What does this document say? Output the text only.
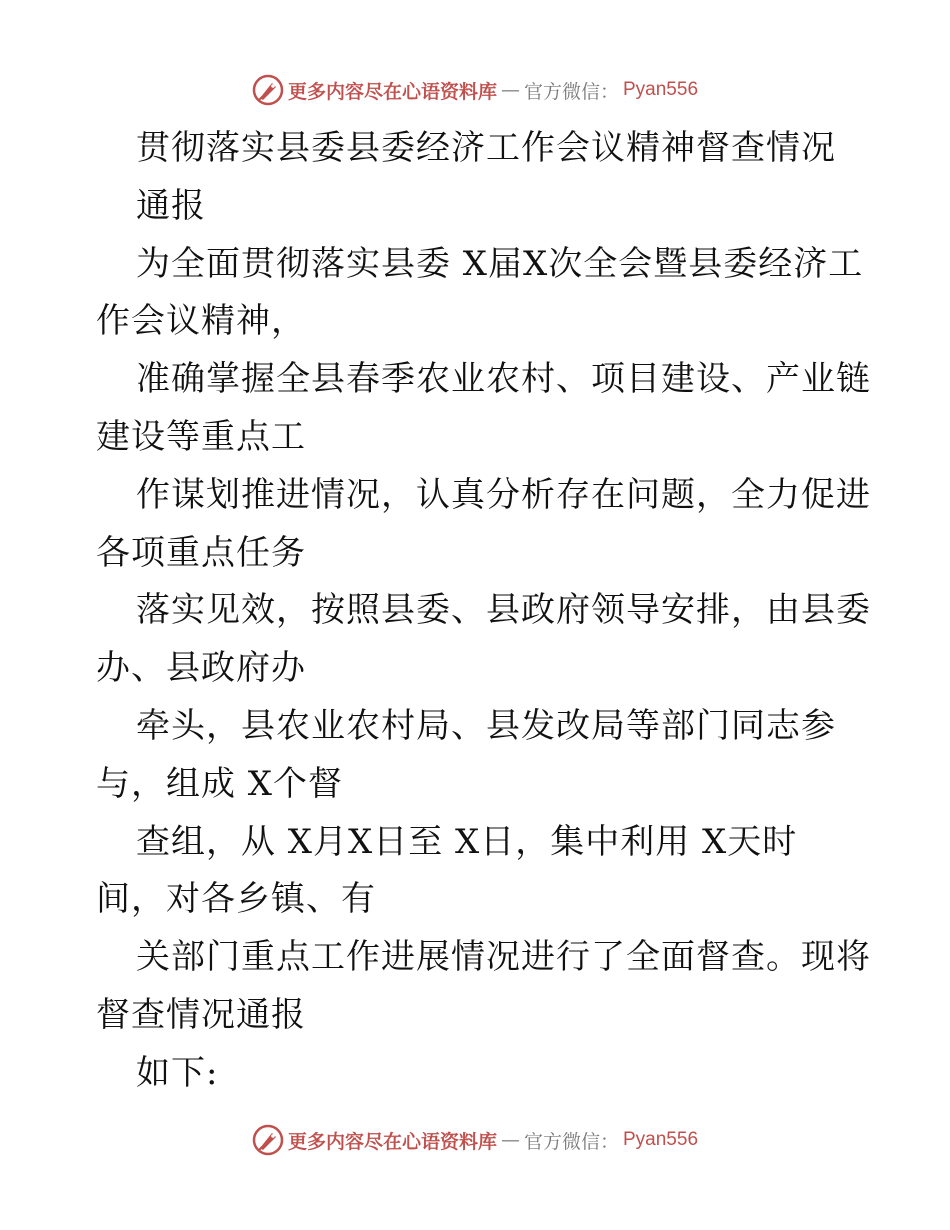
更多内容尽在心语资料库 — 官方微信： Pyan556
贯彻落实县委县委经济工作会议精神督查情况
通报
为全面贯彻落实县委 X届X次全会暨县委经济工
作会议精神，
准确掌握全县春季农业农村、项目建设、产业链
建设等重点工
作谋划推进情况，认真分析存在问题，全力促进
各项重点任务
落实见效，按照县委、县政府领导安排，由县委
办、县政府办
牵头，县农业农村局、县发改局等部门同志参
与，组成 X个督
查组，从 X月X日至 X日，集中利用 X天时
间，对各乡镇、有
关部门重点工作进展情况进行了全面督查。现将
督查情况通报
如下:
更多内容尽在心语资料库 — 官方微信： Pyan556
